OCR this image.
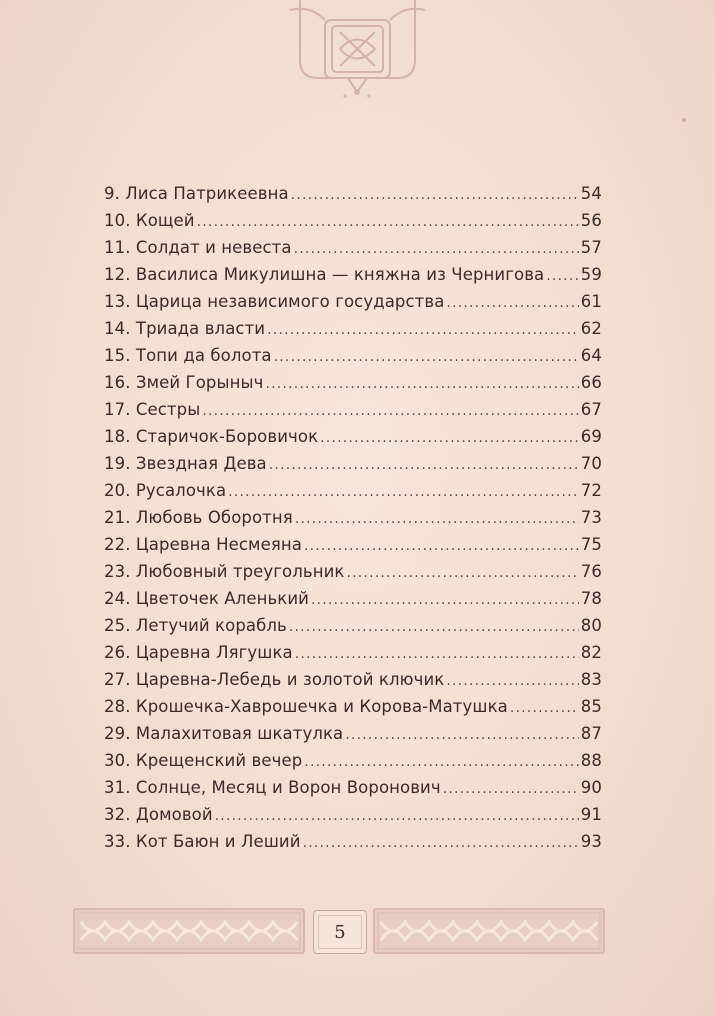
9. Лиса Патрикеевна .....	54
10. Кощей .....	56
11. Солдат и невеста .....	57
12. Василиса Микулишна — княжна из Чернигова ..... 59
13. Царица независимого государства .....	61
14. Триада власти .....	62
15. Топи да болота .....	64
16. Змей Горыныч .....	66
17. Сестры .....	67
18. Старичок-Боровичок .....	69
19. Звездная Дева .....	70
20. Русалочка .....	72
21. Любовь Оборотня .....	73
22. Царевна Несмеяна .....	75
23. Любовный треугольник .....	76
24. Цветочек Аленький .....	78
25. Летучий корабль .....	80
26. Царевна Лягушка .....	82
27. Царевна-Лебедь и золотой ключик .....	83
28. Крошечка-Хаврошечка и Корова-Матушка .....	85
29. Малахитовая шкатулка .....	87
30. Крещенский вечер .....	88
31. Солнце, Месяц и Ворон Воронович .....	90
32. Домовой .....	91
33. Кот Баюн и Леший .....	93
5
